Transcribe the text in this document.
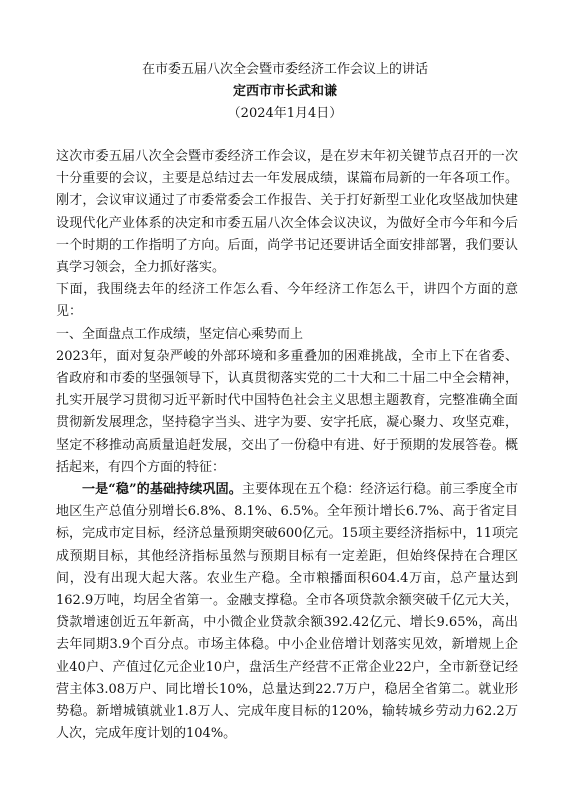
在市委五届八次全会暨市委经济工作会议上的讲话
定西市市长武和谦
（2024年1月4日）

这次市委五届八次全会暨市委经济工作会议，是在岁末年初关键节点召开的一次十分重要的会议，主要是总结过去一年发展成绩，谋篇布局新的一年各项工作。刚才，会议审议通过了市委常委会工作报告、关于打好新型工业化攻坚战加快建设现代化产业体系的决定和市委五届八次全体会议决议，为做好全市今年和今后一个时期的工作指明了方向。后面，尚学书记还要讲话全面安排部署，我们要认真学习领会，全力抓好落实。

下面，我围绕去年的经济工作怎么看、今年经济工作怎么干，讲四个方面的意见：

一、全面盘点工作成绩，坚定信心乘势而上

2023年，面对复杂严峻的外部环境和多重叠加的困难挑战，全市上下在省委、省政府和市委的坚强领导下，认真贯彻落实党的二十大和二十届二中全会精神，扎实开展学习贯彻习近平新时代中国特色社会主义思想主题教育，完整准确全面贯彻新发展理念，坚持稳字当头、进字为要、安字托底，凝心聚力、攻坚克难，坚定不移推动高质量追赶发展，交出了一份稳中有进、好于预期的发展答卷。概括起来，有四个方面的特征：

一是“稳”的基础持续巩固。主要体现在五个稳：经济运行稳。前三季度全市地区生产总值分别增长6.8%、8.1%、6.5%。全年预计增长6.7%、高于省定目标，完成市定目标，经济总量预期突破600亿元。15项主要经济指标中，11项完成预期目标，其他经济指标虽然与预期目标有一定差距，但始终保持在合理区间，没有出现大起大落。农业生产稳。全市粮播面积604.4万亩，总产量达到162.9万吨，均居全省第一。金融支撑稳。全市各项贷款余额突破千亿元大关，贷款增速创近五年新高，中小微企业贷款余额392.42亿元、增长9.65%，高出去年同期3.9个百分点。市场主体稳。中小企业倍增计划落实见效，新增规上企业40户、产值过亿元企业10户，盘活生产经营不正常企业22户，全市新登记经营主体3.08万户、同比增长10%，总量达到22.7万户，稳居全省第二。就业形势稳。新增城镇就业1.8万人、完成年度目标的120%，输转城乡劳动力62.2万人次，完成年度计划的104%。
